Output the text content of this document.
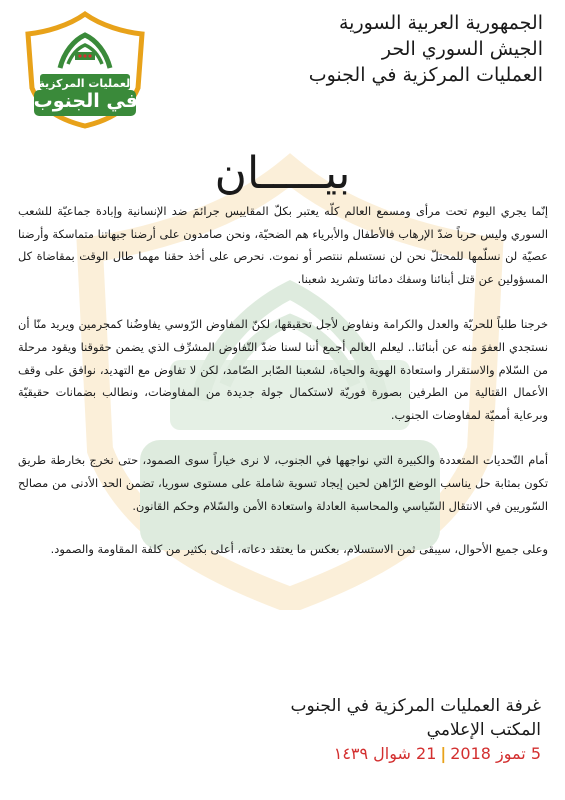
العمليات المركزية
في الجنوب
الجمهورية العربية السورية
الجيش السوري الحر
العمليات المركزية في الجنوب
بيـــــان

إنّما يجري اليوم تحت مرأى ومسمع العالم كلّه يعتبر بكلّ المقاييس جرائمَ ضد الإنسانية وإبادة جماعيّة للشعب السوري وليس حرباً ضدّ الإرهاب فالأطفال والأبرياء هم الضحيّة، ونحن صامدون على أرضنا جبهاتنا متماسكة وأرضنا عصيّة لن نسلّمها للمحتلّ نحن لن نستسلم ننتصر أو نموت. نحرص على أخذ حقنا مهما طال الوقت بمقاضاة كل المسؤولين عن قتل أبنائنا وسفك دمائنا وتشريد شعبنا.

خرجنا طلباً للحريّة والعدل والكرامة ونفاوض لأجل تحقيقها، لكنّ المفاوض الرّوسي يفاوضُنا كمجرمين ويريد منّا أن نستجدي العفوَ منه عن أبنائنا.. ليعلم العالم أجمع أننا لسنا ضدّ التّفاوض المشرِّف الذي يضمن حقوقنا ويقود مرحلة من السّلام والاستقرار واستعادة الهوية والحياة، لشعبنا الصّابر الصّامد، لكن لا تفاوض مع التهديد، نوافق على وقف الأعمال القتالية من الطرفين بصورة فوريّة لاستكمال جولة جديدة من المفاوضات، ونطالب بضمانات حقيقيّة وبرعاية أمميّة لمفاوضات الجنوب.

أمام التّحديات المتعددة والكبيرة التي نواجهها في الجنوب، لا نرى خياراً سوى الصمود، حتى نخرج بخارطة طريق تكون بمثابة حل يناسب الوضع الرّاهن لحين إيجاد تسوية شاملة على مستوى سوريا، تضمن الحد الأدنى من مصالح السّوريين في الانتقال السّياسي والمحاسبة العادلة واستعادة الأمن والسّلام وحكم القانون.

وعلى جميع الأحوال، سيبقى ثمن الاستسلام، بعكس ما يعتقد دعاته، أعلى بكثير من كلفة المقاومة والصمود.

غرفة العمليات المركزية في الجنوب
المكتب الإعلامي
5 تموز 2018|21 شوال ١٤٣٩
